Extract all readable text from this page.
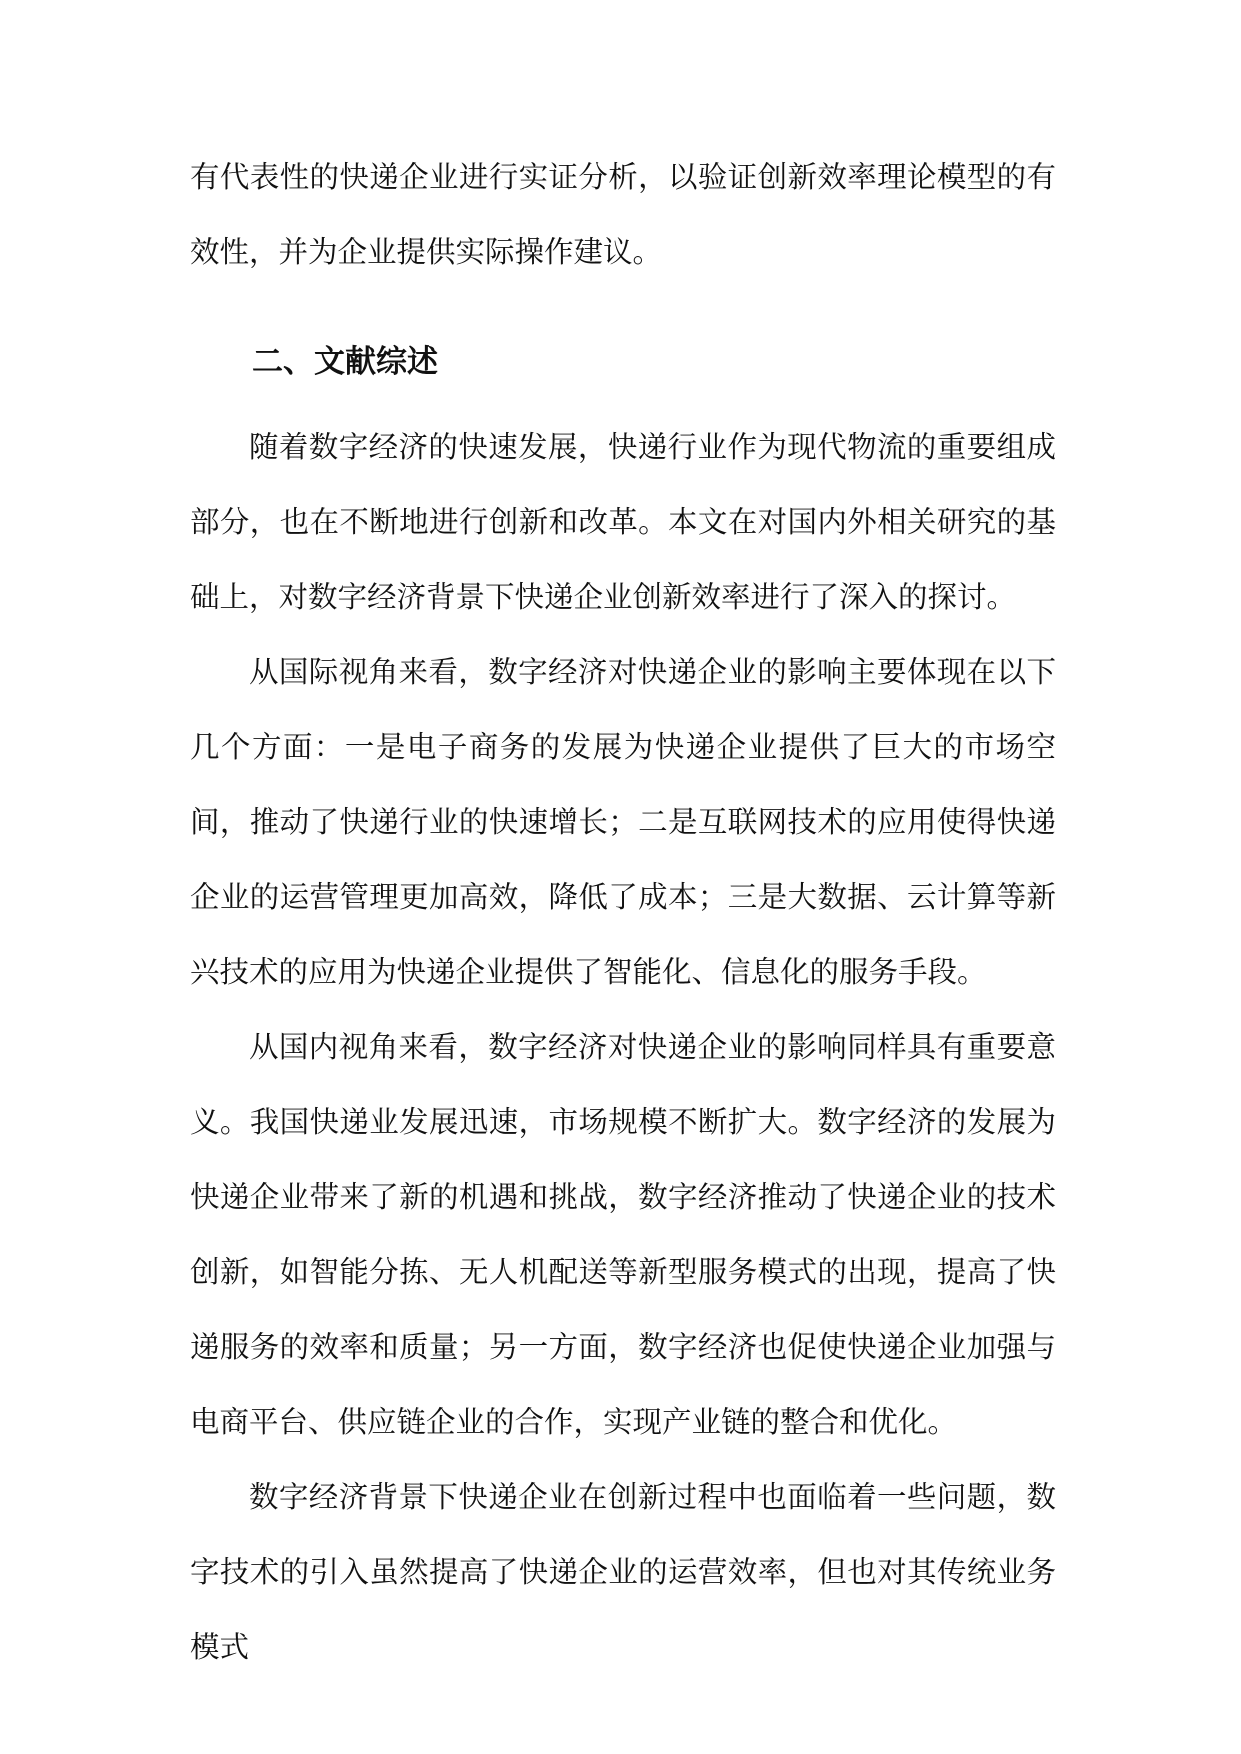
有代表性的快递企业进行实证分析，以验证创新效率理论模型的有效性，并为企业提供实际操作建议。

二、文献综述

随着数字经济的快速发展，快递行业作为现代物流的重要组成部分，也在不断地进行创新和改革。本文在对国内外相关研究的基础上，对数字经济背景下快递企业创新效率进行了深入的探讨。

从国际视角来看，数字经济对快递企业的影响主要体现在以下几个方面：一是电子商务的发展为快递企业提供了巨大的市场空间，推动了快递行业的快速增长；二是互联网技术的应用使得快递企业的运营管理更加高效，降低了成本；三是大数据、云计算等新兴技术的应用为快递企业提供了智能化、信息化的服务手段。

从国内视角来看，数字经济对快递企业的影响同样具有重要意义。我国快递业发展迅速，市场规模不断扩大。数字经济的发展为快递企业带来了新的机遇和挑战，数字经济推动了快递企业的技术创新，如智能分拣、无人机配送等新型服务模式的出现，提高了快递服务的效率和质量；另一方面，数字经济也促使快递企业加强与电商平台、供应链企业的合作，实现产业链的整合和优化。

数字经济背景下快递企业在创新过程中也面临着一些问题，数字技术的引入虽然提高了快递企业的运营效率，但也对其传统业务模式
